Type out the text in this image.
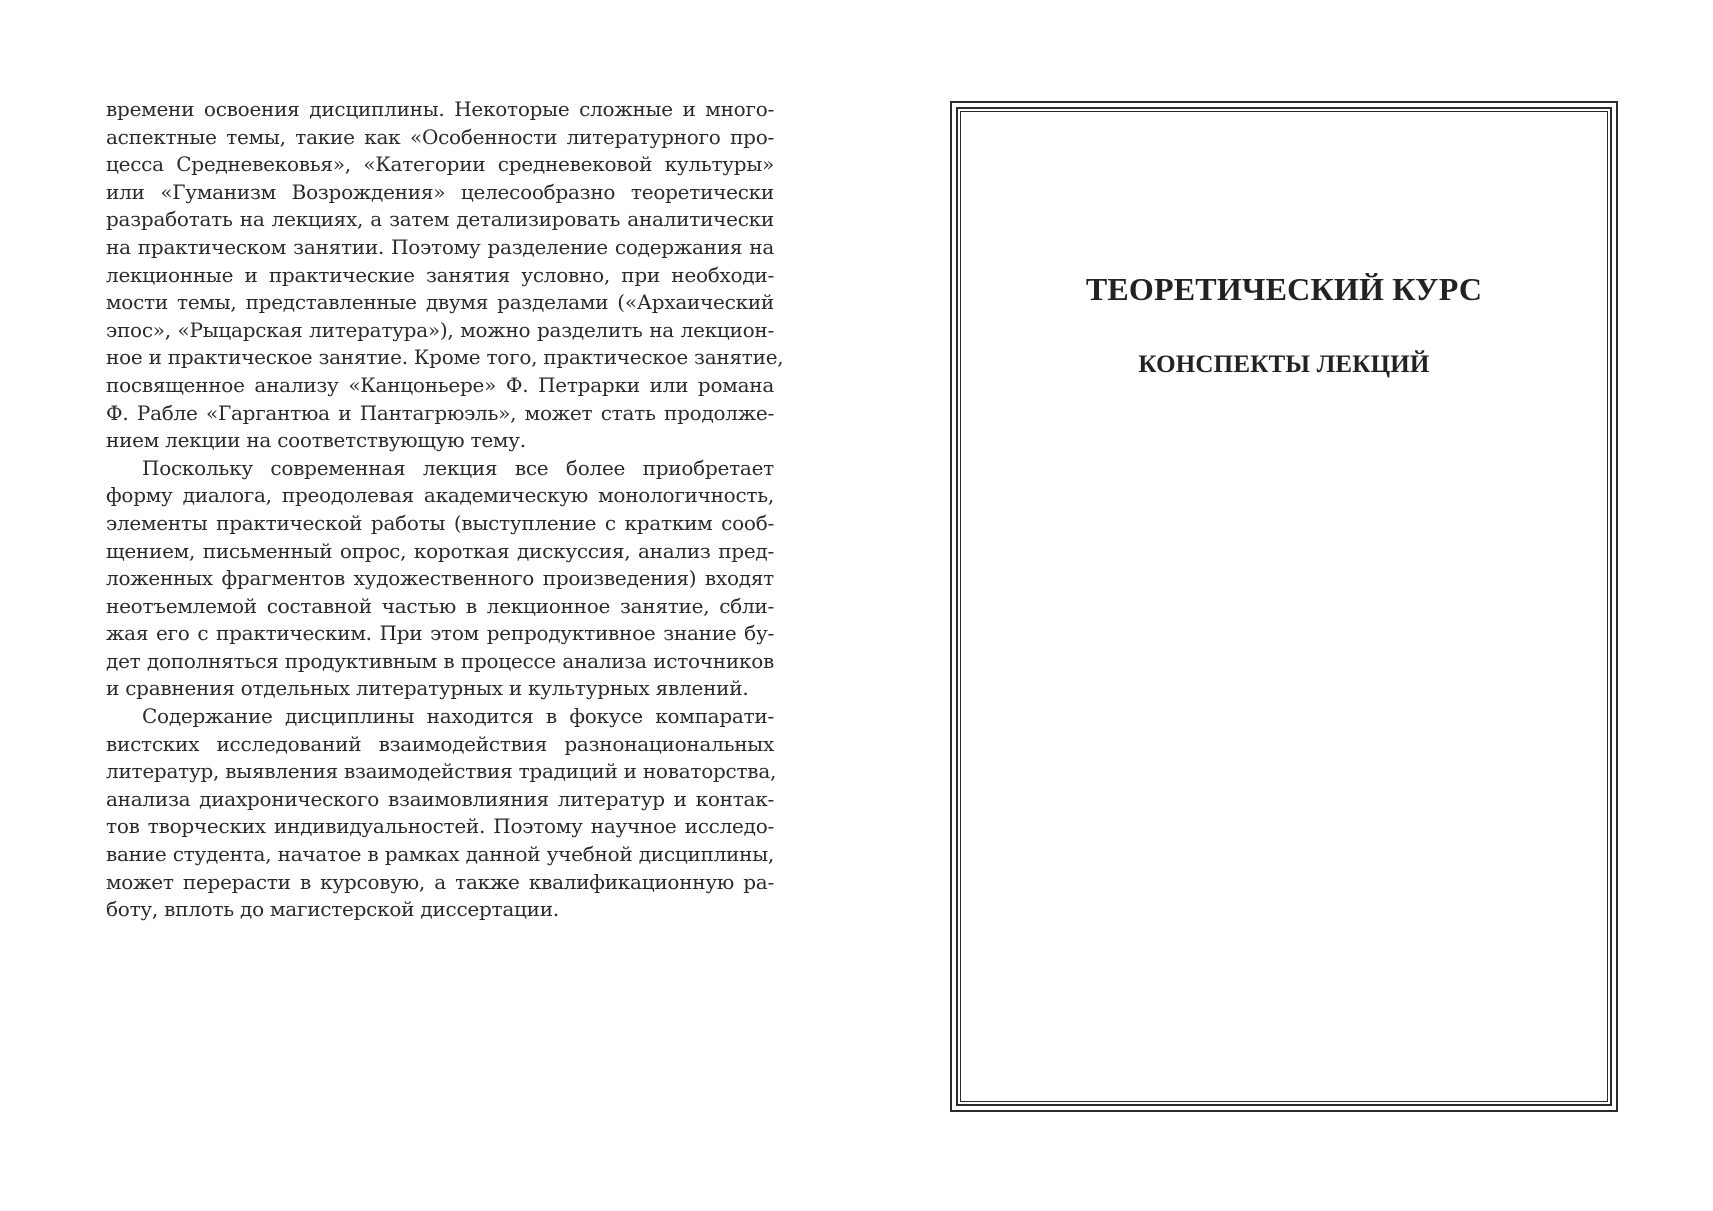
времени освоения дисциплины. Некоторые сложные и много-
аспектные темы, такие как «Особенности литературного про-
цесса Средневековья», «Категории средневековой культуры»
или «Гуманизм Возрождения» целесообразно теоретически
разработать на лекциях, а затем детализировать аналитически
на практическом занятии. Поэтому разделение содержания на
лекционные и практические занятия условно, при необходи-
мости темы, представленные двумя разделами («Архаический
эпос», «Рыцарская литература»), можно разделить на лекцион-
ное и практическое занятие. Кроме того, практическое занятие,
посвященное анализу «Канцоньере» Ф. Петрарки или романа
Ф. Рабле «Гаргантюа и Пантагрюэль», может стать продолже-
нием лекции на соответствующую тему.
Поскольку современная лекция все более приобретает
форму диалога, преодолевая академическую монологичность,
элементы практической работы (выступление с кратким сооб-
щением, письменный опрос, короткая дискуссия, анализ пред-
ложенных фрагментов художественного произведения) входят
неотъемлемой составной частью в лекционное занятие, сбли-
жая его с практическим. При этом репродуктивное знание бу-
дет дополняться продуктивным в процессе анализа источников
и сравнения отдельных литературных и культурных явлений.
Содержание дисциплины находится в фокусе компарати-
вистских исследований взаимодействия разнонациональных
литератур, выявления взаимодействия традиций и новаторства,
анализа диахронического взаимовлияния литератур и контак-
тов творческих индивидуальностей. Поэтому научное исследо-
вание студента, начатое в рамках данной учебной дисциплины,
может перерасти в курсовую, а также квалификационную ра-
боту, вплоть до магистерской диссертации.
ТЕОРЕТИЧЕСКИЙ КУРС
КОНСПЕКТЫ ЛЕКЦИЙ
